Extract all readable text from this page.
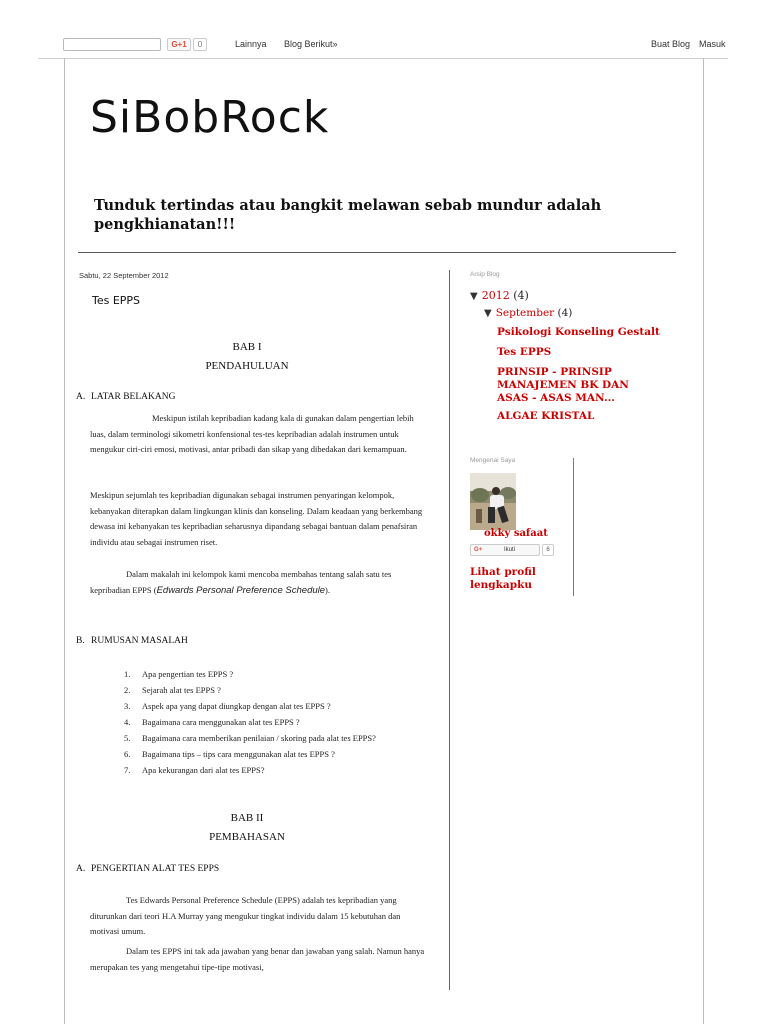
G+1	0	Lainnya Blog Berikut»	Buat Blog Masuk
SiBobRock
Tunduk tertindas atau bangkit melawan sebab mundur adalah pengkhianatan!!!
Sabtu, 22 September 2012
Tes EPPS
BAB I
PENDAHULUAN
A. LATAR BELAKANG
Meskipun istilah kepribadian kadang kala di gunakan dalam pengertian lebih luas, dalam terminologi sikometri konfensional tes-tes kepribadian adalah instrumen untuk mengukur ciri-ciri emosi, motivasi, antar pribadi dan sikap yang dibedakan dari kemampuan.
Meskipun sejumlah tes kepribadian digunakan sebagai instrumen penyaringan kelompok, kebanyakan diterapkan dalam lingkungan klinis dan konseling. Dalam keadaan yang berkembang dewasa ini kebanyakan tes kepribadian seharusnya dipandang sebagai bantuan dalam penafsiran individu atau sebagai instrumen riset.
Dalam makalah ini kelompok kami mencoba membahas tentang salah satu tes kepribadian EPPS (Edwards Personal Preference Schedule).
B. RUMUSAN MASALAH
1. Apa pengertian tes EPPS ?
2. Sejarah alat tes EPPS ?
3. Aspek apa yang dapat diungkap dengan alat tes EPPS ?
4. Bagaimana cara menggunakan alat tes EPPS ?
5. Bagaimana cara memberikan penilaian / skoring pada alat tes EPPS?
6. Bagaimana tips – tips cara menggunakan alat tes EPPS ?
7. Apa kekurangan dari alat tes EPPS?
BAB II
PEMBAHASAN
A. PENGERTIAN ALAT TES EPPS
Tes Edwards Personal Preference Schedule (EPPS) adalah tes kepribadian yang diturunkan dari teori H.A Murray yang mengukur tingkat individu dalam 15 kebutuhan dan motivasi umum.
Dalam tes EPPS ini tak ada jawaban yang benar dan jawaban yang salah. Namun hanya merupakan tes yang mengetahui tipe-tipe motivasi,
Arsip Blog
▼ 2012 (4)
▼ September (4)
Psikologi Konseling Gestalt
Tes EPPS
PRINSIP - PRINSIP MANAJEMEN BK DAN ASAS - ASAS MAN...
ALGAE KRISTAL
Mengenai Saya
okky safaat
G+	Ikuti	6
Lihat profil lengkapku
